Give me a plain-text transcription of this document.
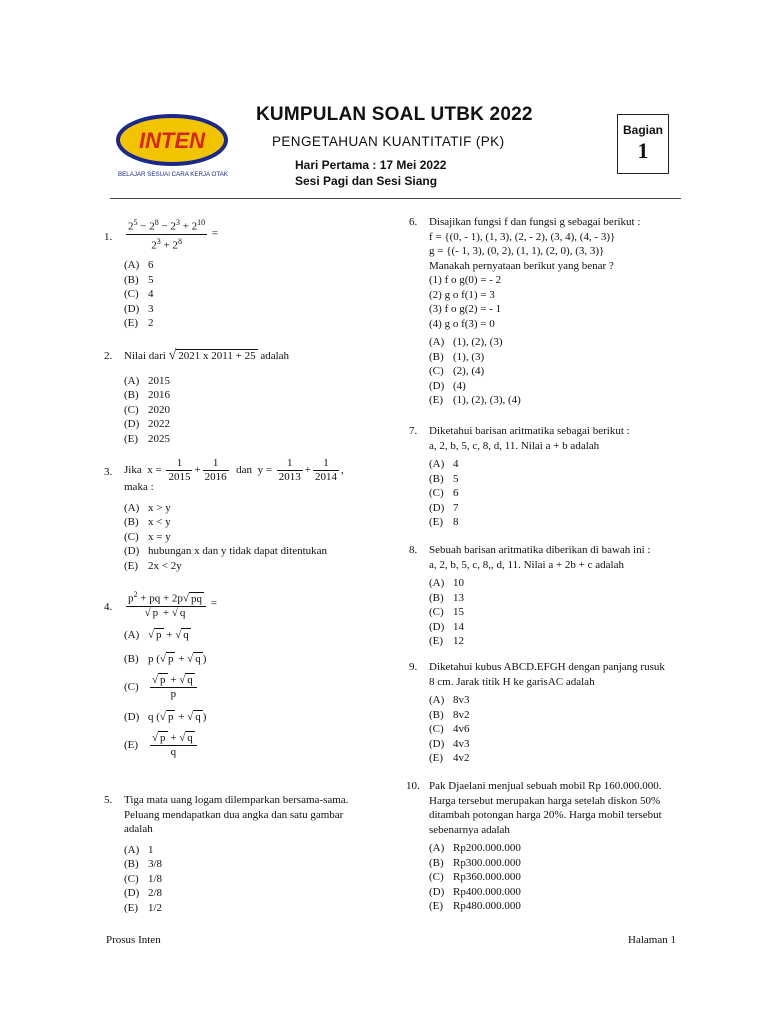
INTEN
BELAJAR SESUAI CARA KERJA OTAK
KUMPULAN SOAL UTBK 2022
PENGETAHUAN KUANTITATIF (PK)
Hari Pertama : 17 Mei 2022
Sesi Pagi dan Sesi Siang
Bagian
1
1. $\frac{2^5 - 2^8 - 2^3 + 2^{10}}{2^3 + 2^8}$ =
(A) 6
(B) 5
(C) 4
(D) 3
(E) 2
2. Nilai dari √ 2021 x 2011 + 25 adalah
(A) 2015
(B) 2016
(C) 2020
(D) 2022
(E) 2025
3. Jika  $x = \frac{1}{2015} + \frac{1}{2016}$ dan  $y = \frac{1}{2013} + \frac{1}{2014}$ ,
maka :
(A) x > y
(B) x < y
(C) x = y
(D) hubungan x dan y tidak dapat ditentukan
(E) 2x < 2y
4. $\frac{p^2 + pq + 2p√ pq}{√ p + √ q}$ =
(A) √ p + √ q
(B) p (√ p + √ q )
$(C) \frac{√ p + √ q}{p}$
(D) q (√ p + √ q )
$(E) \frac{√ p + √ q}{q}$
5. Tiga mata uang logam dilemparkan bersama-sama.
Peluang mendapatkan dua angka dan satu gambar
adalah
(A) 1
(B) 3/8
(C) 1/8
(D) 2/8
(E) 1/2
6. Disajikan fungsi f dan fungsi g sebagai berikut :
f = {(0, - 1), (1, 3), (2, - 2), (3, 4), (4, - 3)}
g = {(- 1, 3), (0, 2), (1, 1), (2, 0), (3, 3)}
Manakah pernyataan berikut yang benar ?
(1) f o g(0) = - 2
(2) g o f(1) = 3
(3) f o g(2) = - 1
(4) g o f(3) = 0
(A) (1), (2), (3)
(B) (1), (3)
(C) (2), (4)
(D) (4)
(E) (1), (2), (3), (4)
7. Diketahui barisan aritmatika sebagai berikut :
a, 2, b, 5, c, 8, d, 11. Nilai a + b adalah
(A) 4
(B) 5
(C) 6
(D) 7
(E) 8
8. Sebuah barisan aritmatika diberikan di bawah ini :
a, 2, b, 5, c, 8,, d, 11. Nilai a + 2b + c adalah
(A) 10
(B) 13
(C) 15
(D) 14
(E) 12
9. Diketahui kubus ABCD.EFGH dengan panjang rusuk
8 cm. Jarak titik H ke garisAC adalah
(A) 8v3
(B) 8v2
(C) 4v6
(D) 4v3
(E) 4v2
10. Pak Djaelani menjual sebuah mobil Rp 160.000.000.
Harga tersebut merupakan harga setelah diskon 50%
ditambah potongan harga 20%. Harga mobil tersebut
sebenarnya adalah
(A) Rp200.000.000
(B) Rp300.000.000
(C) Rp360.000.000
(D) Rp400.000.000
(E) Rp480.000.000
Prosus Inten	Halaman 1
